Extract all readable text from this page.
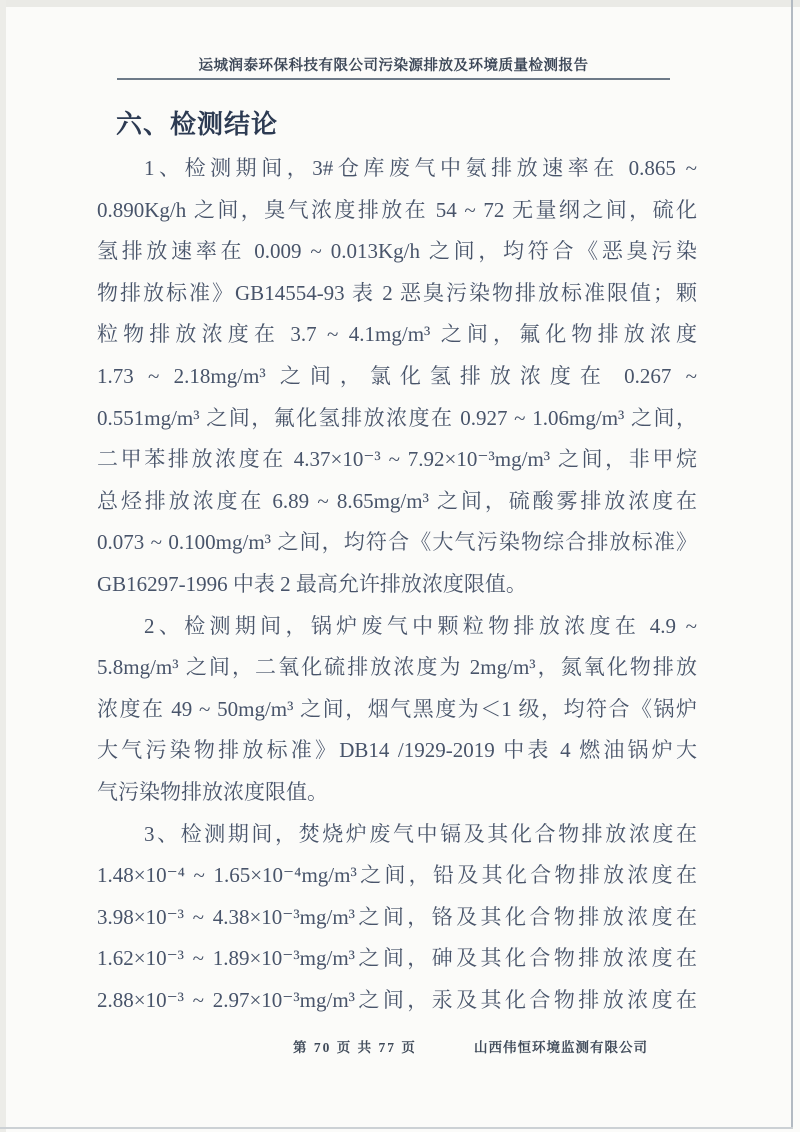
运城润泰环保科技有限公司污染源排放及环境质量检测报告
六、检测结论
1、检测期间，3#仓库废气中氨排放速率在 0.865 ~
0.890Kg/h 之间，臭气浓度排放在 54 ~ 72 无量纲之间，硫化
氢排放速率在 0.009 ~ 0.013Kg/h 之间，均符合《恶臭污染
物排放标准》GB14554-93 表 2 恶臭污染物排放标准限值；颗
粒物排放浓度在 3.7 ~ 4.1mg/m³ 之间，氟化物排放浓度
1.73 ~ 2.18mg/m³ 之间，氯化氢排放浓度在 0.267 ~
0.551mg/m³ 之间，氟化氢排放浓度在 0.927 ~ 1.06mg/m³ 之间，
二甲苯排放浓度在 4.37×10⁻³ ~ 7.92×10⁻³mg/m³ 之间，非甲烷
总烃排放浓度在 6.89 ~ 8.65mg/m³ 之间，硫酸雾排放浓度在
0.073 ~ 0.100mg/m³ 之间，均符合《大气污染物综合排放标准》
GB16297-1996 中表 2 最高允许排放浓度限值。
2、检测期间，锅炉废气中颗粒物排放浓度在 4.9 ~
5.8mg/m³ 之间，二氧化硫排放浓度为 2mg/m³，氮氧化物排放
浓度在 49 ~ 50mg/m³ 之间，烟气黑度为＜1 级，均符合《锅炉
大气污染物排放标准》DB14 /1929-2019 中表 4 燃油锅炉大
气污染物排放浓度限值。
3、检测期间，焚烧炉废气中镉及其化合物排放浓度在
1.48×10⁻⁴ ~ 1.65×10⁻⁴mg/m³之间，铅及其化合物排放浓度在
3.98×10⁻³ ~ 4.38×10⁻³mg/m³之间，铬及其化合物排放浓度在
1.62×10⁻³ ~ 1.89×10⁻³mg/m³之间，砷及其化合物排放浓度在
2.88×10⁻³ ~ 2.97×10⁻³mg/m³之间，汞及其化合物排放浓度在
第 70 页 共 77 页	山西伟恒环境监测有限公司
